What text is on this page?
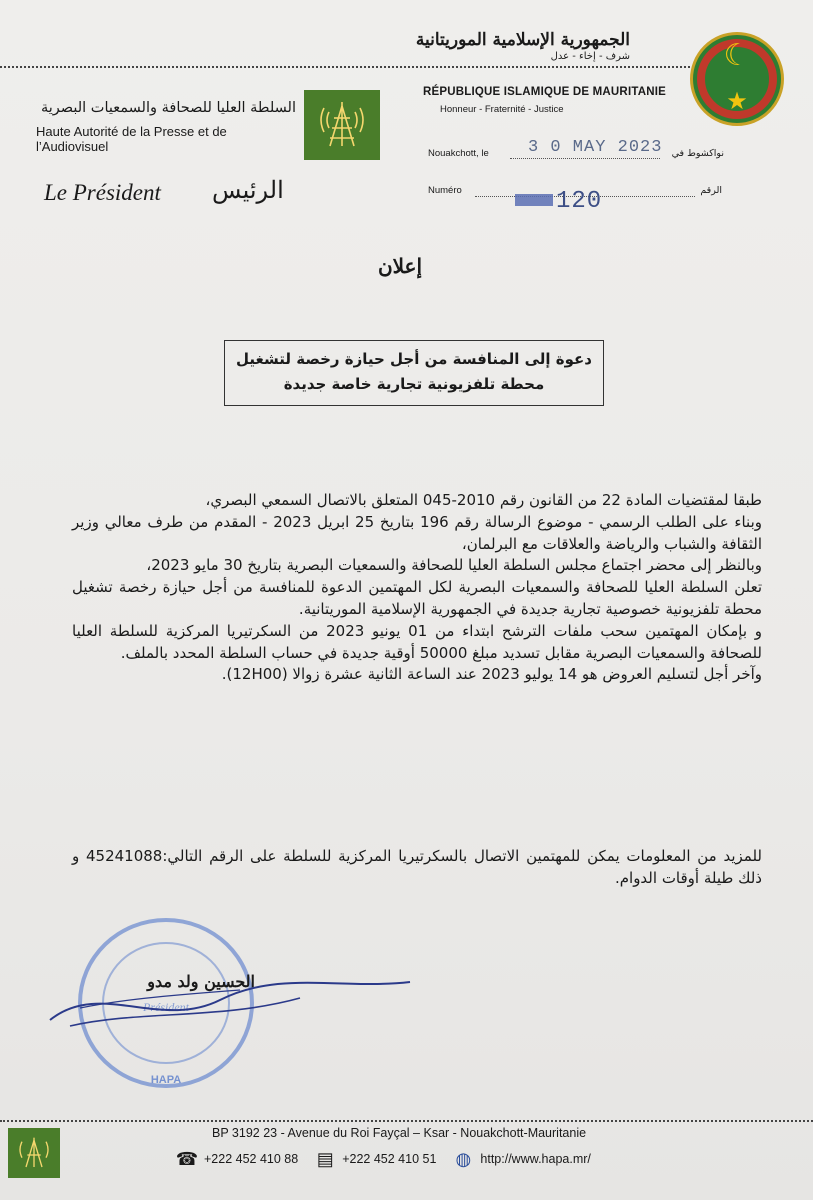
☾
★
الجمهورية الإسلامية الموريتانية
شرف - إخاء - عدل
RÉPUBLIQUE ISLAMIQUE DE MAURITANIE
Honneur - Fraternité - Justice
السلطة العليا للصحافة والسمعيات البصرية
Haute Autorité de la Presse et de l’Audiovisuel
Le Président الرئيس
Nouakchott, le	نواكشوط في
3 0 MAY 2023
Numéro	الرقم
120
إعلان
دعوة إلى المنافسة من أجل حيازة رخصة لتشغيل
محطة تلفزيونية تجارية خاصة جديدة

طبقا لمقتضيات المادة 22 من القانون رقم 2010-045 المتعلق بالاتصال السمعي البصري،

وبناء على الطلب الرسمي - موضوع الرسالة رقم 196 بتاريخ 25 ابريل 2023 - المقدم من طرف معالي وزير الثقافة والشباب والرياضة والعلاقات مع البرلمان،

وبالنظر إلى محضر اجتماع مجلس السلطة العليا للصحافة والسمعيات البصرية بتاريخ 30 مايو 2023،

تعلن السلطة العليا للصحافة والسمعيات البصرية لكل المهتمين الدعوة للمنافسة من أجل حيازة رخصة تشغيل محطة تلفزيونية خصوصية تجارية جديدة في الجمهورية الإسلامية الموريتانية.

و بإمكان المهتمين سحب ملفات الترشح ابتداء من 01 يونيو 2023 من السكرتيريا المركزية للسلطة العليا للصحافة والسمعيات البصرية مقابل تسديد مبلغ 50000 أوقية جديدة في حساب السلطة المحدد بالملف.

وآخر أجل لتسليم العروض هو 14 يوليو 2023 عند الساعة الثانية عشرة زوالا (12H00).

للمزيد من المعلومات يمكن للمهتمين الاتصال بالسكرتيريا المركزية للسلطة على الرقم التالي:45241088 و ذلك طيلة أوقات الدوام.

Président
HAPA
الحسين ولد مدو
BP 3192 23 - Avenue du Roi Fayçal – Ksar - Nouakchott-Mauritanie
☎ +222 452 410 88 ▤ +222 452 410 51 ◍ http://www.hapa.mr/
